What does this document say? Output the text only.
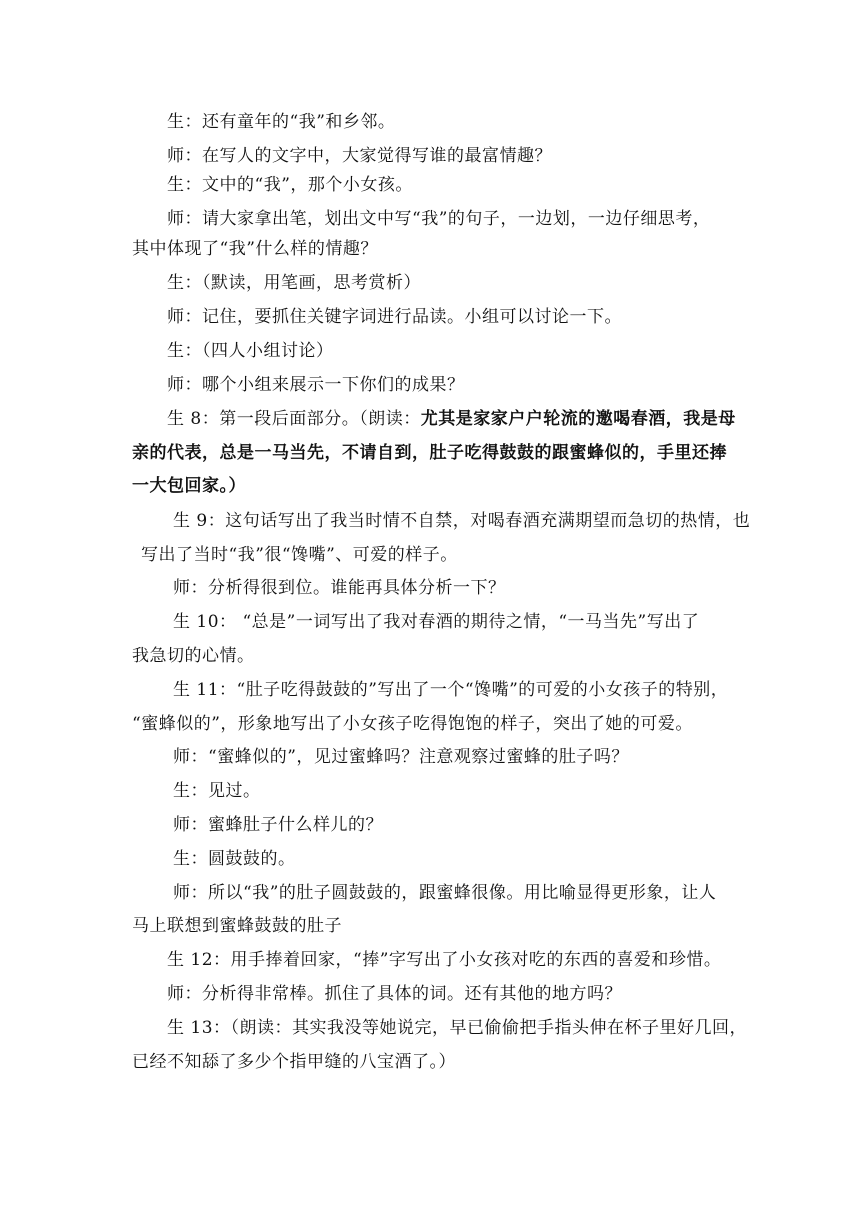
生：还有童年的“我”和乡邻。
师：在写人的文字中，大家觉得写谁的最富情趣？
生：文中的“我”，那个小女孩。
师：请大家拿出笔，划出文中写“我”的句子，一边划，一边仔细思考，
其中体现了“我”什么样的情趣？
生：（默读，用笔画，思考赏析）
师：记住，要抓住关键字词进行品读。小组可以讨论一下。
生：（四人小组讨论）
师：哪个小组来展示一下你们的成果？
生 8：第一段后面部分。（朗读：尤其是家家户户轮流的邀喝春酒，我是母
亲的代表，总是一马当先，不请自到，肚子吃得鼓鼓的跟蜜蜂似的，手里还捧
一大包回家。）
生 9：这句话写出了我当时情不自禁，对喝春酒充满期望而急切的热情，也
写出了当时“我”很“馋嘴”、可爱的样子。
师：分析得很到位。谁能再具体分析一下？
生 10： “总是”一词写出了我对春酒的期待之情，“一马当先”写出了
我急切的心情。
生 11：“肚子吃得鼓鼓的”写出了一个“馋嘴”的可爱的小女孩子的特别，
“蜜蜂似的”，形象地写出了小女孩子吃得饱饱的样子，突出了她的可爱。
师：“蜜蜂似的”，见过蜜蜂吗？注意观察过蜜蜂的肚子吗？
生：见过。
师：蜜蜂肚子什么样儿的？
生：圆鼓鼓的。
师：所以“我”的肚子圆鼓鼓的，跟蜜蜂很像。用比喻显得更形象，让人
马上联想到蜜蜂鼓鼓的肚子
生 12：用手捧着回家，“捧”字写出了小女孩对吃的东西的喜爱和珍惜。
师：分析得非常棒。抓住了具体的词。还有其他的地方吗？
生 13：（朗读：其实我没等她说完，早已偷偷把手指头伸在杯子里好几回，
已经不知舔了多少个指甲缝的八宝酒了。）
